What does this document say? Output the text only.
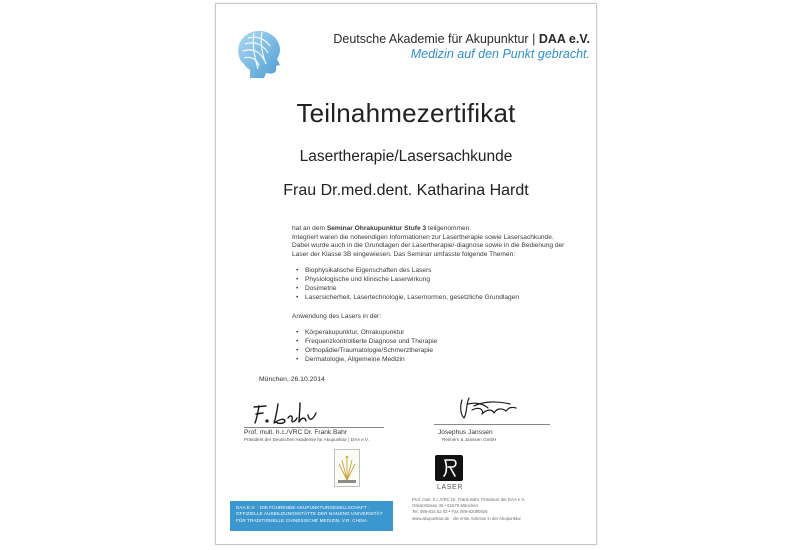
Deutsche Akademie für Akupunktur | DAA e.V.
Medizin auf den Punkt gebracht.
Teilnahmezertifikat
Lasertherapie/Lasersachkunde
Frau Dr.med.dent. Katharina Hardt

hat an dem Seminar Ohrakupunktur Stufe 3 teilgenommen.

Integriert waren die notwendigen Informationen zur Lasertherapie sowie Lasersachkunde. Dabei wurde auch in die Grundlagen der Lasertherapie/-diagnose sowie in die Bedienung der Laser der Klasse 3B eingewiesen. Das Seminar umfasste folgende Themen:

• Biophysikalische Eigenschaften des Lasers
• Physiologische und klinische Laserwirkung
• Dosimetrie
• Lasersicherheit, Lasertechnologie, Lasernormen, gesetzliche Grundlagen

Anwendung des Lasers in der:

• Körperakupunktur, Ohrakupunktur
• Frequenzkontrollierte Diagnose und Therapie
• Orthopädie/Traumatologie/Schmerztherapie
• Dermatologie, Allgemeine Medizin
München, 26.10.2014
Prof. mult. h.c./VRC Dr. Frank Bahr
Präsident der Deutschen Akademie für Akupunktur | DAA e.V.
Josephus Janssen
Reimers & Janssen GmbH
LASER
DAA E.V. · DIE FÜHRENDE AKUPUNKTURGESELLSCHAFT · OFFIZIELLE AUSBILDUNGSSTÄTTE DER NANJING UNIVERSITÄT FÜR TRADITIONELLE CHINESISCHE MEDIZIN, V.R. CHINA
Prof. mult. h.c./VRC Dr. Frank Bahr, Präsident der DAA e.V.
Oskarstrasse 40 • 81679 München
Tel. 089-814 52 52 • Fax 089-82090926
www.akupunktur.de · die erste Adresse in der Akupunktur
